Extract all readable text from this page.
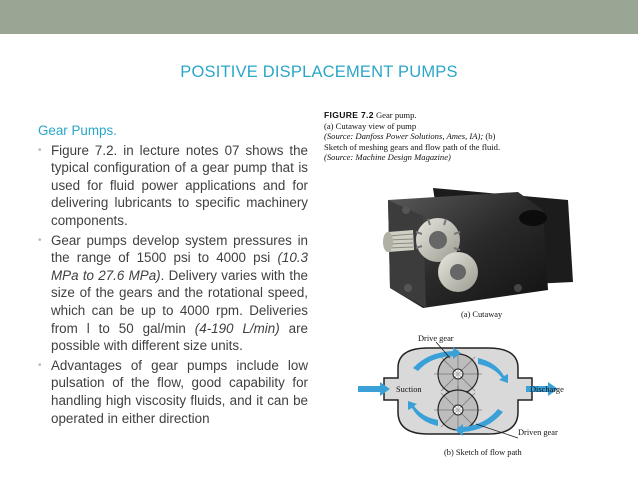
POSITIVE DISPLACEMENT PUMPS
Gear Pumps.
• Figure 7.2. in lecture notes 07 shows the typical configuration of a gear pump that is used for fluid power applications and for delivering lubricants to specific machinery components.
• Gear pumps develop system pressures in the range of 1500 psi to 4000 psi (10.3 MPa to 27.6 MPa). Delivery varies with the size of the gears and the rotational speed, which can be up to 4000 rpm. Deliveries from l to 50 gal/min (4-190 L/min) are possible with different size units.
• Advantages of gear pumps include low pulsation of the flow, good capability for handling high viscosity fluids, and it can be operated in either direction
FIGURE 7.2 Gear pump.
(a) Cutaway view of pump
(Source: Danfoss Power Solutions, Ames, IA); (b) Sketch of meshing gears and flow path of the fluid.
(Source: Machine Design Magazine)
(a) Cutaway
Drive gear
Suction	Discharge
Driven gear
(b) Sketch of flow path
